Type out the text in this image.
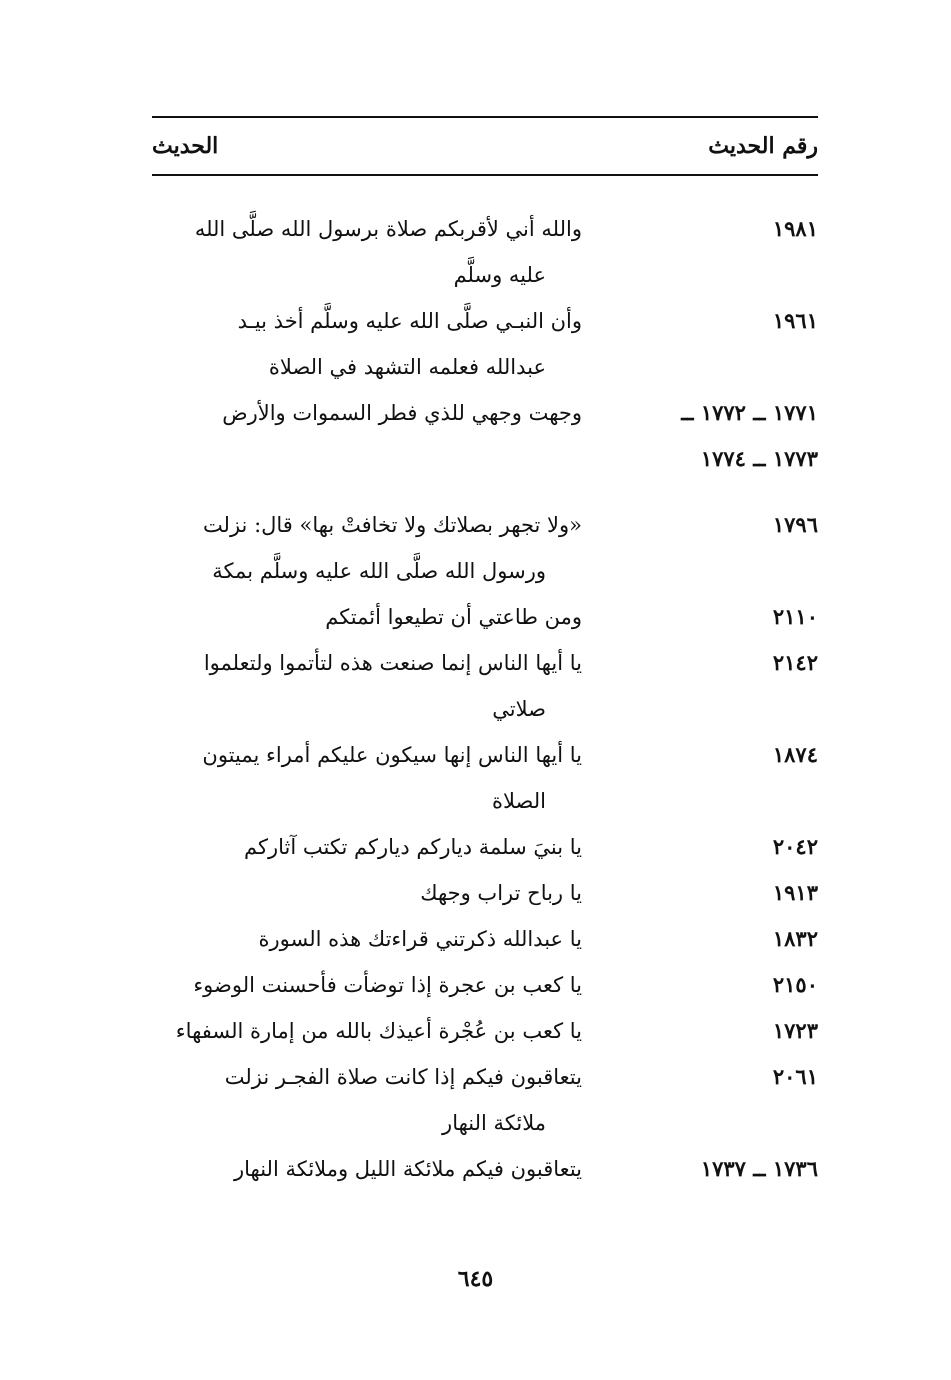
رقم الحديث
الحديث
١٩٨١
والله أني لأقربكم صلاة برسول الله صلَّى الله
عليه وسلَّم
١٩٦١
وأن النبـي صلَّى الله عليه وسلَّم أخذ بيـد
عبدالله فعلمه التشهد في الصلاة
١٧٧١ ــ ١٧٧٢ ــ
وجهت وجهي للذي فطر السموات والأرض
١٧٧٣ ــ ١٧٧٤
١٧٩٦
«ولا تجهر بصلاتك ولا تخافتْ بها» قال: نزلت
ورسول الله صلَّى الله عليه وسلَّم بمكة
٢١١٠
ومن طاعتي أن تطيعوا أئمتكم
٢١٤٢
يا أيها الناس إنما صنعت هذه لتأتموا ولتعلموا
صلاتي
١٨٧٤
يا أيها الناس إنها سيكون عليكم أمراء يميتون
الصلاة
٢٠٤٢
يا بنيَ سلمة دياركم دياركم تكتب آثاركم
١٩١٣
يا رباح تراب وجهك
١٨٣٢
يا عبدالله ذكرتني قراءتك هذه السورة
٢١٥٠
يا كعب بن عجرة إذا توضأت فأحسنت الوضوء
١٧٢٣
يا كعب بن عُجْرة أعيذك بالله من إمارة السفهاء
٢٠٦١
يتعاقبون فيكم إذا كانت صلاة الفجـر نزلت
ملائكة النهار
١٧٣٦ ــ ١٧٣٧
يتعاقبون فيكم ملائكة الليل وملائكة النهار
٦٤٥
